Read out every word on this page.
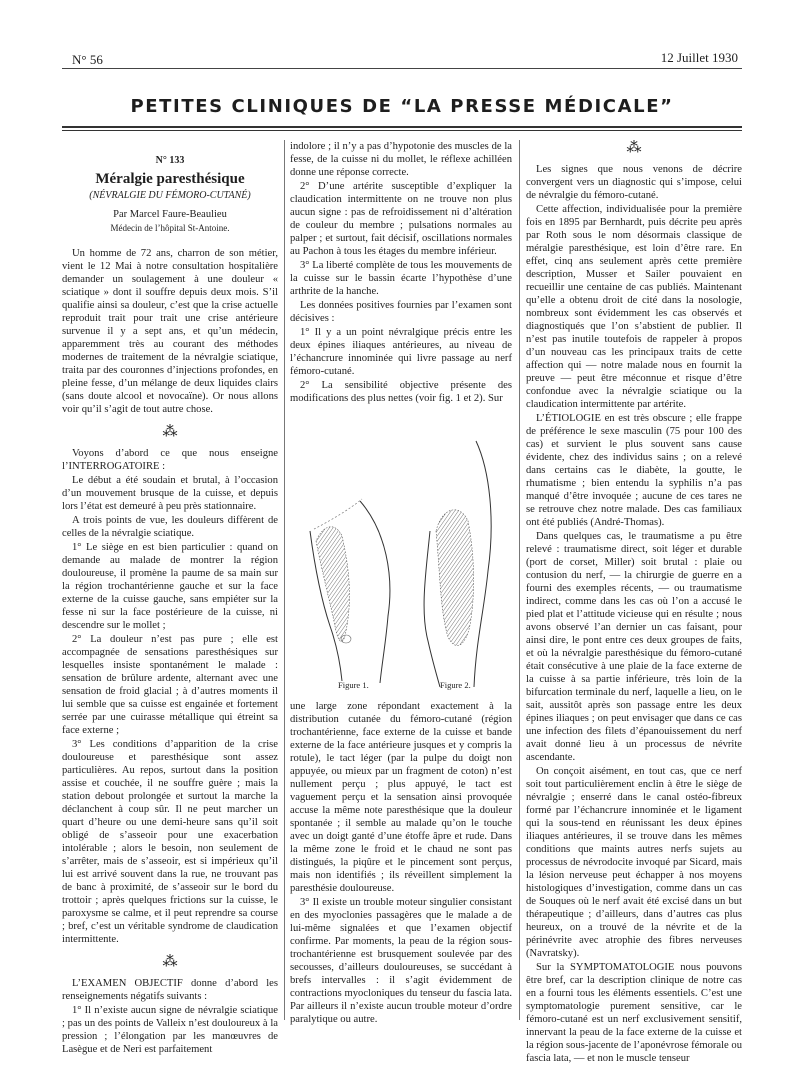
N° 56	12 Juillet 1930
PETITES CLINIQUES DE “LA PRESSE MÉDICALE”
N° 133
Méralgie paresthésique
(NÉVRALGIE DU FÉMORO-CUTANÉ)
Par Marcel Faure-Beaulieu
Médecin de l’hôpital St-Antoine.

Un homme de 72 ans, charron de son métier, vient le 12 Mai à notre consultation hospitalière demander un soulagement à une douleur « sciatique » dont il souffre depuis deux mois. S’il qualifie ainsi sa douleur, c’est que la crise actuelle reproduit trait pour trait une crise antérieure survenue il y a sept ans, et qu’un médecin, apparemment très au courant des méthodes modernes de traitement de la névralgie sciatique, traita par des couronnes d’injections profondes, en pleine fesse, d’un mélange de deux liquides clairs (sans doute alcool et novocaïne). Or nous allons voir qu’il s’agit de tout autre chose.

⁂

Voyons d’abord ce que nous enseigne l’INTERROGATOIRE :

Le début a été soudain et brutal, à l’occasion d’un mouvement brusque de la cuisse, et depuis lors l’état est demeuré à peu près stationnaire.

A trois points de vue, les douleurs diffèrent de celles de la névralgie sciatique.

1° Le siège en est bien particulier : quand on demande au malade de montrer la région douloureuse, il promène la paume de sa main sur la région trochantérienne gauche et sur la face externe de la cuisse gauche, sans empiéter sur la fesse ni sur la face postérieure de la cuisse, ni descendre sur le mollet ;

2° La douleur n’est pas pure ; elle est accompagnée de sensations paresthésiques sur lesquelles insiste spontanément le malade : sensation de brûlure ardente, alternant avec une sensation de froid glacial ; à d’autres moments il lui semble que sa cuisse est engainée et fortement serrée par une cuirasse métallique qui étreint sa face externe ;

3° Les conditions d’apparition de la crise douloureuse et paresthésique sont assez particulières. Au repos, surtout dans la position assise et couchée, il ne souffre guère ; mais la station debout prolongée et surtout la marche la déclanchent à coup sûr. Il ne peut marcher un quart d’heure ou une demi-heure sans qu’il soit obligé de s’asseoir pour une exacerbation intolérable ; alors le besoin, non seulement de s’arrêter, mais de s’asseoir, est si impérieux qu’il lui est arrivé souvent dans la rue, ne trouvant pas de banc à proximité, de s’asseoir sur le bord du trottoir ; après quelques frictions sur la cuisse, le paroxysme se calme, et il peut reprendre sa course ; bref, c’est un véritable syndrome de claudication intermittente.

⁂

L’EXAMEN OBJECTIF donne d’abord les renseignements négatifs suivants :

1° Il n’existe aucun signe de névralgie sciatique ; pas un des points de Valleix n’est douloureux à la pression ; l’élongation par les manœuvres de Lasègue et de Neri est parfaitement

indolore ; il n’y a pas d’hypotonie des muscles de la fesse, de la cuisse ni du mollet, le réflexe achilléen donne une réponse correcte.

2° D’une artérite susceptible d’expliquer la claudication intermittente on ne trouve non plus aucun signe : pas de refroidissement ni d’altération de couleur du membre ; pulsations normales au palper ; et surtout, fait décisif, oscillations normales au Pachon à tous les étages du membre inférieur.

3° La liberté complète de tous les mouvements de la cuisse sur le bassin écarte l’hypothèse d’une arthrite de la hanche.

Les données positives fournies par l’examen sont décisives :

1° Il y a un point névralgique précis entre les deux épines iliaques antérieures, au niveau de l’échancrure innominée qui livre passage au nerf fémoro-cutané.

2° La sensibilité objective présente des modifications des plus nettes (voir fig. 1 et 2). Sur

Figure 1.	Figure 2.

une large zone répondant exactement à la distribution cutanée du fémoro-cutané (région trochantérienne, face externe de la cuisse et bande externe de la face antérieure jusques et y compris la rotule), le tact léger (par la pulpe du doigt non appuyée, ou mieux par un fragment de coton) n’est nullement perçu ; plus appuyé, le tact est vaguement perçu et la sensation ainsi provoquée accuse la même note paresthésique que la douleur spontanée ; il semble au malade qu’on le touche avec un doigt ganté d’une étoffe âpre et rude. Dans la même zone le froid et le chaud ne sont pas distingués, la piqûre et le pincement sont perçus, mais non identifiés ; ils réveillent simplement la paresthésie douloureuse.

3° Il existe un trouble moteur singulier consistant en des myoclonies passagères que le malade a de lui-même signalées et que l’examen objectif confirme. Par moments, la peau de la région sous-trochantérienne est brusquement soulevée par des secousses, d’ailleurs douloureuses, se succédant à brefs intervalles : il s’agit évidemment de contractions myocloniques du tenseur du fascia lata. Par ailleurs il n’existe aucun trouble moteur d’ordre paralytique ou autre.

⁂

Les signes que nous venons de décrire convergent vers un diagnostic qui s’impose, celui de névralgie du fémoro-cutané.

Cette affection, individualisée pour la première fois en 1895 par Bernhardt, puis décrite peu après par Roth sous le nom désormais classique de méralgie paresthésique, est loin d’être rare. En effet, cinq ans seulement après cette première description, Musser et Sailer pouvaient en recueillir une centaine de cas publiés. Maintenant qu’elle a obtenu droit de cité dans la nosologie, nombreux sont évidemment les cas observés et diagnostiqués que l’on s’abstient de publier. Il n’est pas inutile toutefois de rappeler à propos d’un nouveau cas les principaux traits de cette affection qui — notre malade nous en fournit la preuve — peut être méconnue et risque d’être confondue avec la névralgie sciatique ou la claudication intermittente par artérite.

L’ÉTIOLOGIE en est très obscure ; elle frappe de préférence le sexe masculin (75 pour 100 des cas) et survient le plus souvent sans cause évidente, chez des individus sains ; on a relevé dans certains cas le diabète, la goutte, le rhumatisme ; bien entendu la syphilis n’a pas manqué d’être invoquée ; aucune de ces tares ne se retrouve chez notre malade. Des cas familiaux ont été publiés (André-Thomas).

Dans quelques cas, le traumatisme a pu être relevé : traumatisme direct, soit léger et durable (port de corset, Miller) soit brutal : plaie ou contusion du nerf, — la chirurgie de guerre en a fourni des exemples récents, — ou traumatisme indirect, comme dans les cas où l’on a accusé le pied plat et l’attitude vicieuse qui en résulte ; nous avons observé l’an dernier un cas faisant, pour ainsi dire, le pont entre ces deux groupes de faits, et où la névralgie paresthésique du fémoro-cutané était consécutive à une plaie de la face externe de la cuisse à sa partie inférieure, très loin de la bifurcation terminale du nerf, laquelle a lieu, on le sait, aussitôt après son passage entre les deux épines iliaques ; on peut envisager que dans ce cas une infection des filets d’épanouissement du nerf avait donné lieu à un processus de névrite ascendante.

On conçoit aisément, en tout cas, que ce nerf soit tout particulièrement enclin à être le siège de névralgie ; enserré dans le canal ostéo-fibreux formé par l’échancrure innominée et le ligament qui la sous-tend en réunissant les deux épines iliaques antérieures, il se trouve dans les mêmes conditions que maints autres nerfs sujets au processus de névrodocite invoqué par Sicard, mais la lésion nerveuse peut échapper à nos moyens histologiques d’investigation, comme dans un cas de Souques où le nerf avait été excisé dans un but thérapeutique ; d’ailleurs, dans d’autres cas plus heureux, on a trouvé de la névrite et de la périnévrite avec atrophie des fibres nerveuses (Navratsky).

Sur la SYMPTOMATOLOGIE nous pouvons être bref, car la description clinique de notre cas en a fourni tous les éléments essentiels. C’est une symptomatologie purement sensitive, car le fémoro-cutané est un nerf exclusivement sensitif, innervant la peau de la face externe de la cuisse et la région sous-jacente de l’aponévrose fémorale ou fascia lata, — et non le muscle tenseur
